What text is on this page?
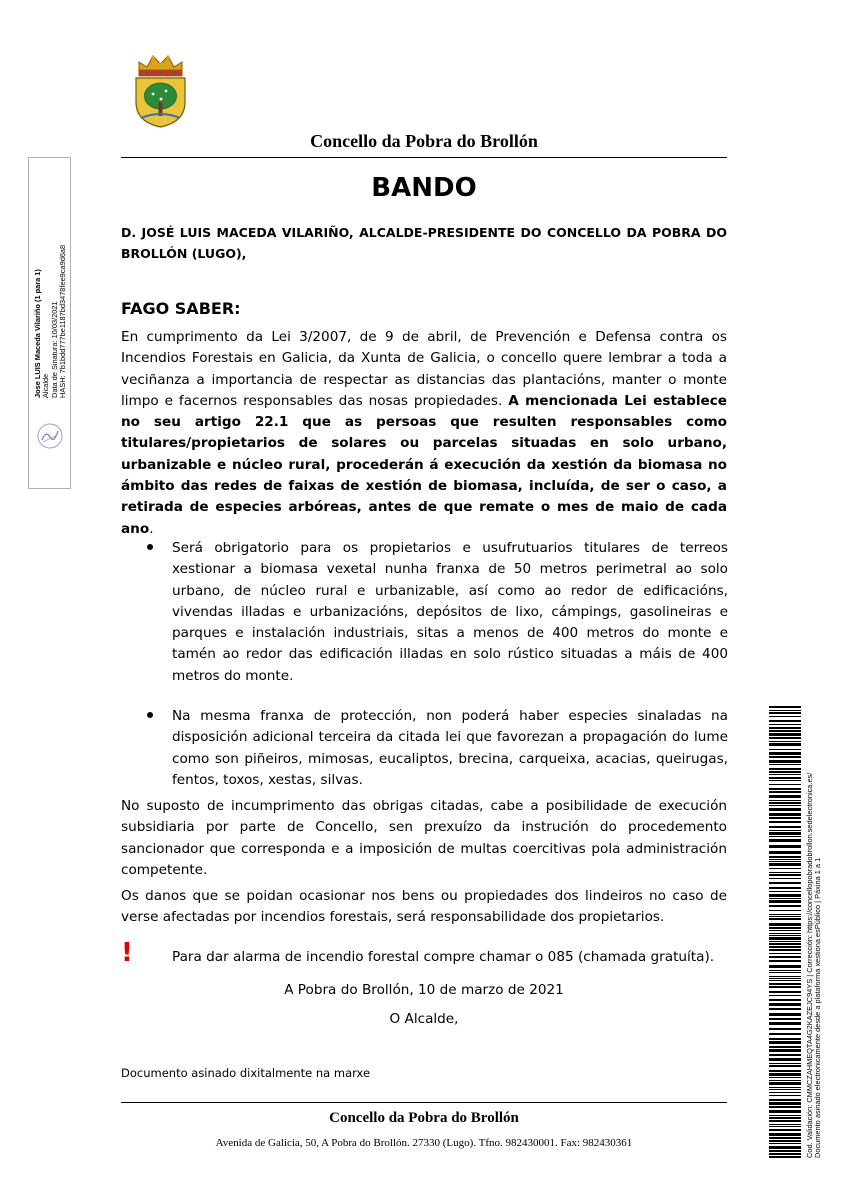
Concello da Pobra do Brollón
Jose LUIS Maceda Vilariño (1 para 1) Alcalde Data de Sinatura: 10/03/2021 HASH: 7b1bdd777be1187bd3478fee9ca9d6a8
BANDO
D. JOSÉ LUIS MACEDA VILARIÑO, ALCALDE-PRESIDENTE DO CONCELLO DA POBRA DO BROLLÓN (LUGO),
FAGO SABER:
En cumprimento da Lei 3/2007, de 9 de abril, de Prevención e Defensa contra os Incendios Forestais en Galicia, da Xunta de Galicia, o concello quere lembrar a toda a veciñanza a importancia de respectar as distancias das plantacións, manter o monte limpo e facernos responsables das nosas propiedades. A mencionada Lei establece no seu artigo 22.1 que as persoas que resulten responsables como titulares/propietarios de solares ou parcelas situadas en solo urbano, urbanizable e núcleo rural, procederán á execución da xestión da biomasa no ámbito das redes de faixas de xestión de biomasa, incluída, de ser o caso, a retirada de especies arbóreas, antes de que remate o mes de maio de cada ano.
Será obrigatorio para os propietarios e usufrutuarios titulares de terreos xestionar a biomasa vexetal nunha franxa de 50 metros perimetral ao solo urbano, de núcleo rural e urbanizable, así como ao redor de edificacións, vivendas illadas e urbanizacións, depósitos de lixo, cámpings, gasolineiras e parques e instalación industriais, sitas a menos de 400 metros do monte e tamén ao redor das edificación illadas en solo rústico situadas a máis de 400 metros do monte.
Na mesma franxa de protección, non poderá haber especies sinaladas na disposición adicional terceira da citada lei que favorezan a propagación do lume como son piñeiros, mimosas, eucaliptos, brecina, carqueixa, acacias, queirugas, fentos, toxos, xestas, silvas.
No suposto de incumprimento das obrigas citadas, cabe a posibilidade de execución subsidiaria por parte de Concello, sen prexuízo da instrución do procedemento sancionador que corresponda e a imposición de multas coercitivas pola administración competente.
Os danos que se poidan ocasionar nos bens ou propiedades dos lindeiros no caso de verse afectadas por incendios forestais, será responsabilidade dos propietarios.
!	Para dar alarma de incendio forestal compre chamar o 085 (chamada gratuíta).
A Pobra do Brollón, 10 de marzo de 2021
O Alcalde,
Documento asinado dixitalmente na marxe
Concello da Pobra do Brollón
Avenida de Galicia, 50, A Pobra do Brollón. 27330 (Lugo). Tfno. 982430001. Fax: 982430361	Cod. Validación: CMMCZAHMEQTA4G2KAZEJC94YS | Corrección: https://concellopobradobrollon.sedelectronica.es/ Documento asinado electronicamente desde a plataforma xestiona esPúblico | Páxina 1 a 1
